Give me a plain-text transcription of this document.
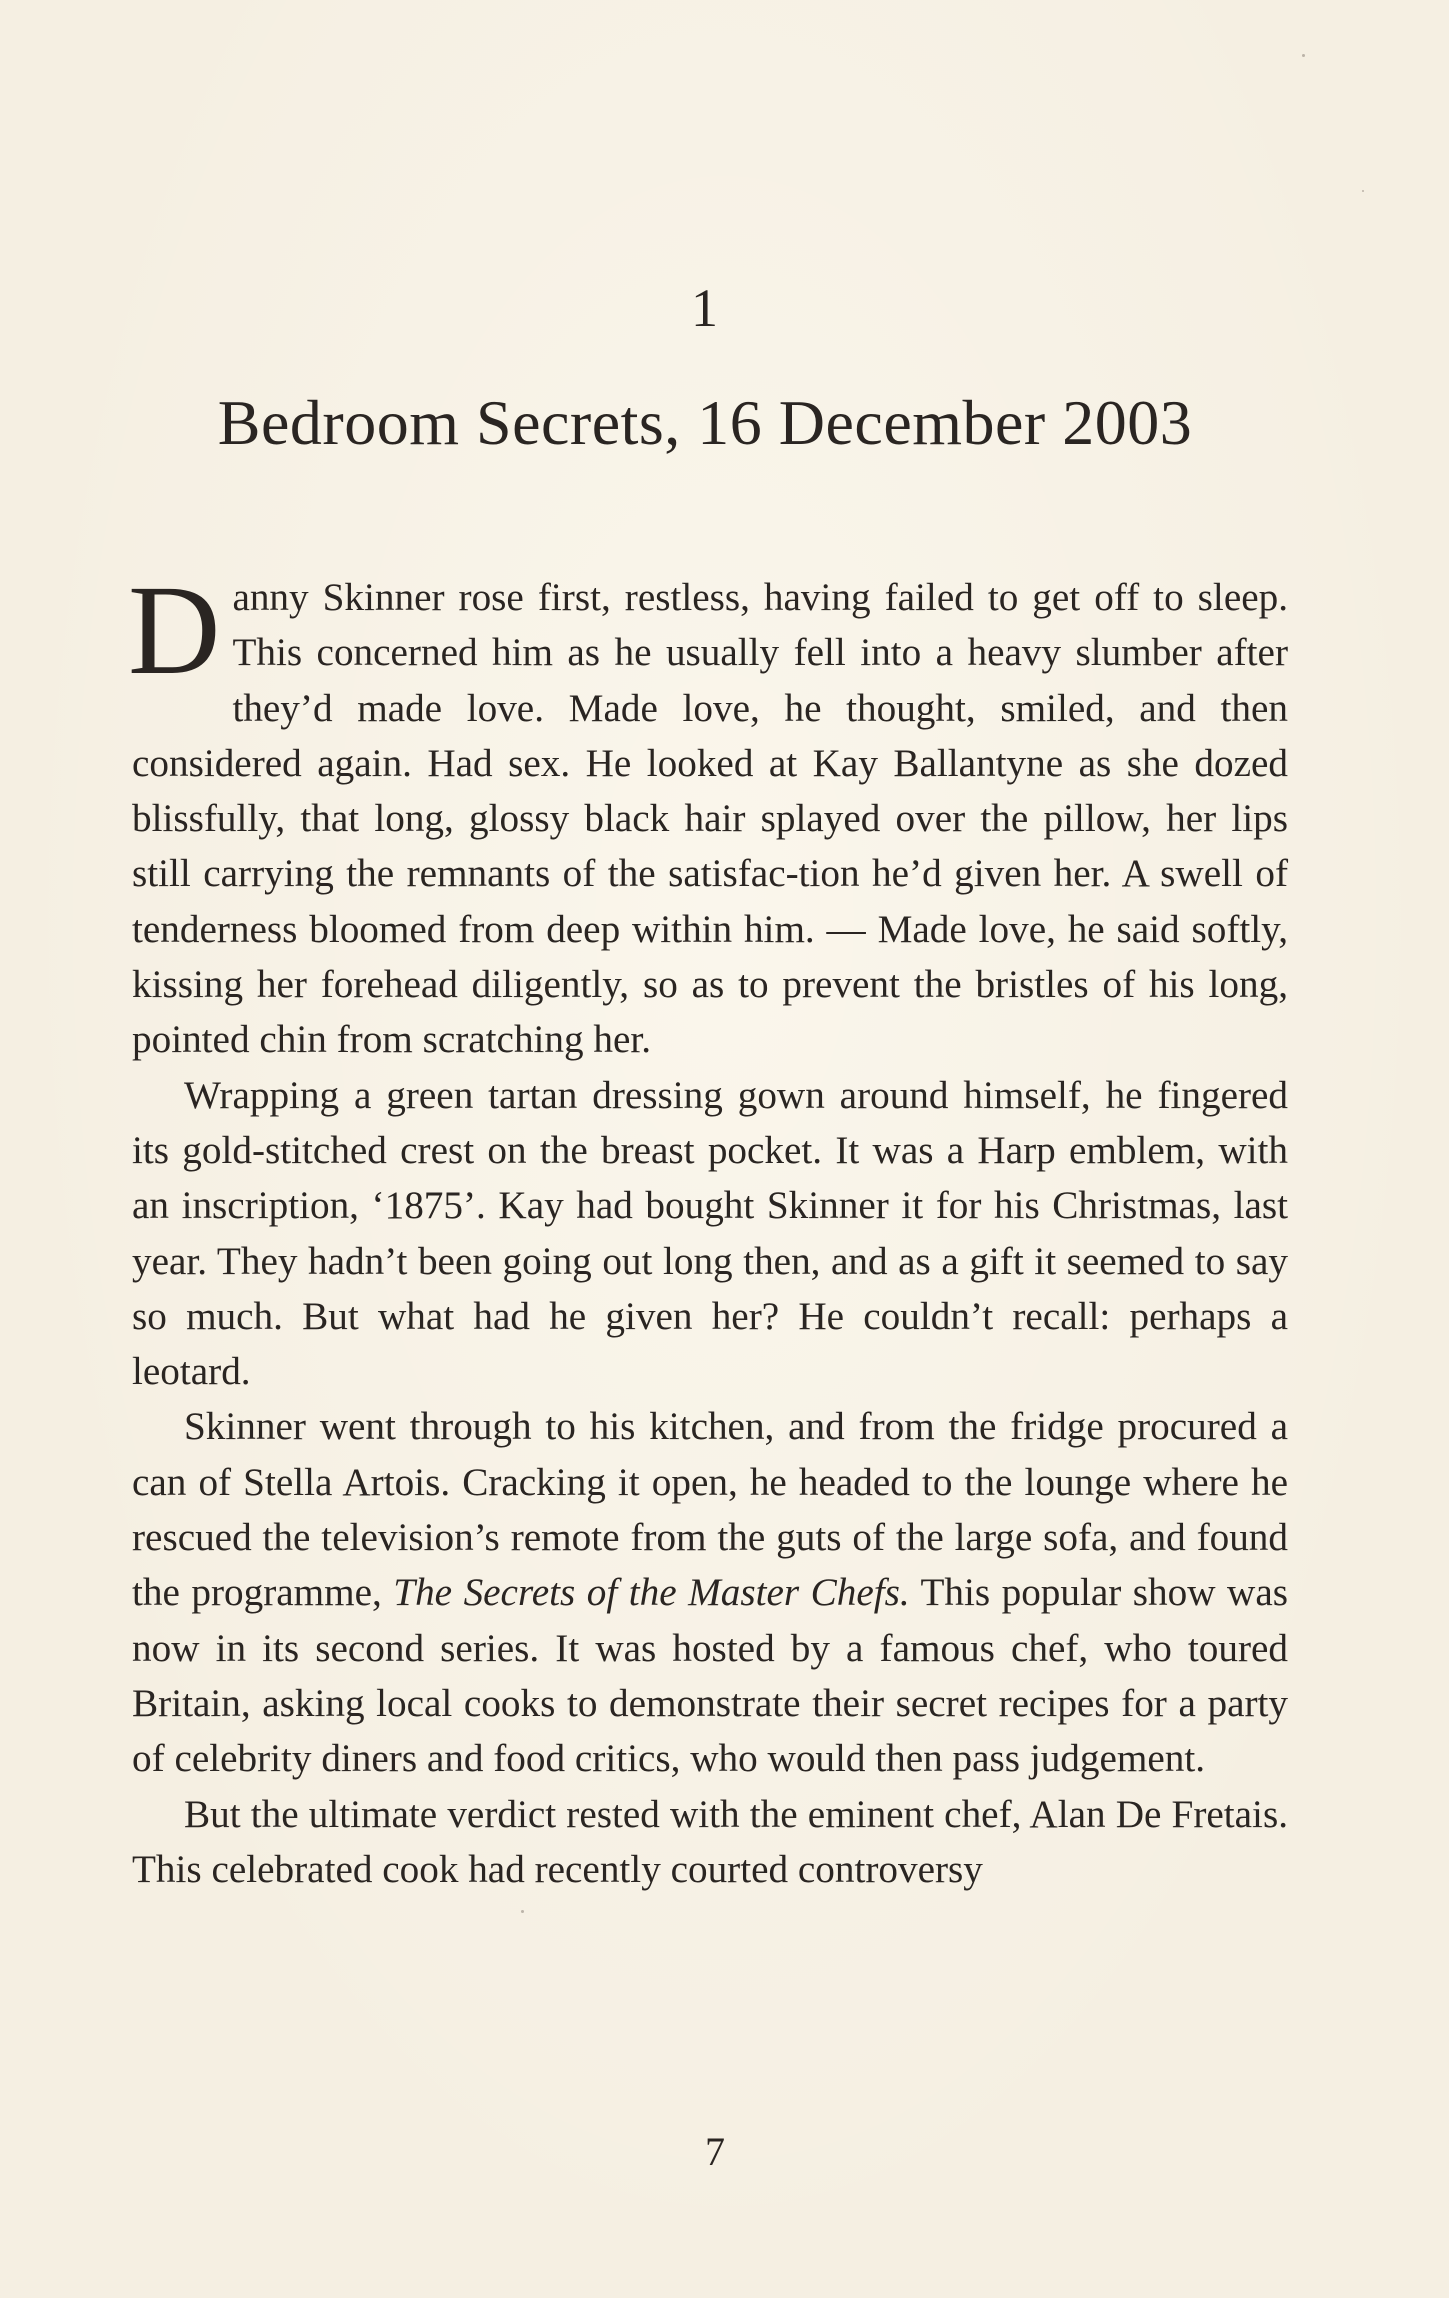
1
Bedroom Secrets, 16 December 2003

Danny Skinner rose first, restless, having failed to get off to sleep. This concerned him as he usually fell into a heavy slumber after they’d made love. Made love, he thought, smiled, and then considered again. Had sex. He looked at Kay Ballantyne as she dozed blissfully, that long, glossy black hair splayed over the pillow, her lips still carrying the remnants of the satisfac-tion he’d given her. A swell of tenderness bloomed from deep within him. — Made love, he said softly, kissing her forehead diligently, so as to prevent the bristles of his long, pointed chin from scratching her.

Wrapping a green tartan dressing gown around himself, he fingered its gold-stitched crest on the breast pocket. It was a Harp emblem, with an inscription, ‘1875’. Kay had bought Skinner it for his Christmas, last year. They hadn’t been going out long then, and as a gift it seemed to say so much. But what had he given her? He couldn’t recall: perhaps a leotard.

Skinner went through to his kitchen, and from the fridge procured a can of Stella Artois. Cracking it open, he headed to the lounge where he rescued the television’s remote from the guts of the large sofa, and found the programme, The Secrets of the Master Chefs. This popular show was now in its second series. It was hosted by a famous chef, who toured Britain, asking local cooks to demonstrate their secret recipes for a party of celebrity diners and food critics, who would then pass judgement.

But the ultimate verdict rested with the eminent chef, Alan De Fretais. This celebrated cook had recently courted controversy

7
